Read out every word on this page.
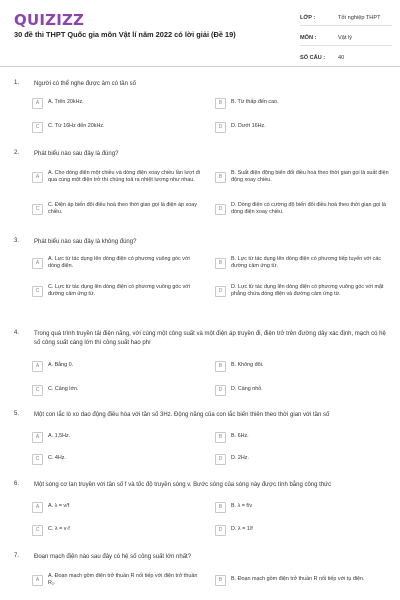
QUIZIZZ
30 đề thi THPT Quốc gia môn Vật lí năm 2022 có lời giải (Đề 19)
LỚP :	Tốt nghiệp THPT
MÔN :	Vật lý
SỐ CÂU :	40
1. Người có thể nghe được âm có tần số
A	A. Trên 20kHz.	B	B. Từ thấp đến cao.
C	C. Từ 16Hz đến 20kHz.	D	D. Dưới 16Hz.
2. Phát biểu nào sau đây là đúng?
A
A. Cho dòng điện một chiều và dòng điện xoay chiều lần lượt đi qua cùng một điện trở thì chúng toả ra nhiệt lượng như nhau.	B
B. Suất điện động biến đổi điều hoà theo thời gian gọi là suất điện động xoay chiều.
C
C. Điện áp biến đổi điều hoà theo thời gian gọi là điện áp xoay chiều.	D
D. Dòng điện có cường độ biến đổi điều hoà theo thời gian gọi là dòng điện xoay chiều.
3. Phát biểu nào sau đây là không đúng?
A
A. Lực từ tác dụng lên dòng điện có phương vuông góc với dòng điện.	B
B. Lực từ tác dụng lên dòng điện có phương tiếp tuyến với các đường cảm ứng từ.
C
C. Lực từ tác dụng lên dòng điện có phương vuông góc với đường cảm ứng từ.	D
D. Lực từ tác dụng lên dòng điện có phương vuông góc với mặt phẳng chứa dòng điện và đường cảm ứng từ.
4. Trong quá trình truyền tải điện năng, với cùng một công suất và một điện áp truyền đi, điện trở trên đường dây xác định, mạch có hệ số công suất càng lớn thì công suất hao phí
A	A. Bằng 0.	B	B. Không đổi.
C	C. Càng lớn.	D	D. Càng nhỏ.
5. Một con lắc lò xo dao động điều hòa với tần số 3Hz. Động năng của con lắc biến thiên theo thời gian với tần số
A	A. 1,5Hz.	B	B. 6Hz.
C	C. 4Hz.	D	D. 2Hz.
6. Một sóng cơ lan truyền với tần số f và tốc độ truyền sóng v. Bước sóng của sóng này được tính bằng công thức
A	A. λ = v/f	B	B. λ = f/v
C	C. λ = v·f	D	D. λ = 1/f
7. Đoạn mạch điện nào sau đây có hệ số công suất lớn nhất?
A
A. Đoạn mạch gồm điện trở thuần R nối tiếp với điện trở thuần R₂.	B	B. Đoạn mạch gồm điện trở thuần R nối tiếp với tụ điện.
